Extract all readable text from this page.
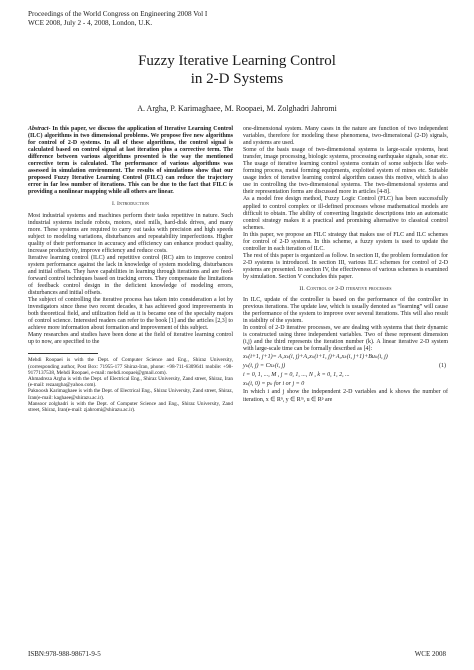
Proceedings of the World Congress on Engineering 2008 Vol I
WCE 2008, July 2 - 4, 2008, London, U.K.
Fuzzy Iterative Learning Control
in 2-D Systems
A. Argha, P. Karimaghaee, M. Roopaei, M. Zolghadri Jahromi

Abstract- In this paper, we discuss the application of Iterative Learning Control (ILC) algorithms in two dimensional problems. We propose five new algorithms for control of 2-D systems. In all of these algorithms, the control signal is calculated based on control signal at last iteration plus a corrective term. The difference between various algorithms presented is the way the mentioned corrective term is calculated. The performance of various algorithms was assessed in simulation environment. The results of simulations show that our proposed Fuzzy Iterative Learning Control (FILC) can reduce the trajectory error in far less number of iterations. This can be due to the fact that FILC is providing a nonlinear mapping while all others are linear.

I. Introduction

Most industrial systems and machines perform their tasks repetitive in nature. Such industrial systems include robots, motors, steel mills, hard-disk drives, and many more. These systems are required to carry out tasks with precision and high speeds subject to modeling variations, disturbances and repeatability imperfections. Higher quality of their performance in accuracy and efficiency can enhance product quality, increase productivity, improve efficiency and reduce costs.

Iterative learning control (ILC) and repetitive control (RC) aim to improve control system performance against the lack in knowledge of system modeling, disturbances and initial offsets. They have capabilities in learning through iterations and are feed-forward control techniques based on tracking errors. They compensate the limitations of feedback control design in the deficient knowledge of modeling errors, disturbances and initial offsets.

The subject of controlling the iterative process has taken into consideration a lot by investigators since these two recent decades, it has achieved good improvements in both theoretical field, and utilization field as it is became one of the specialty majors of control science. Interested readers can refer to the book [1] and the articles [2,3] to achieve more information about formation and improvement of this subject.

Many researches and studies have been done at the field of iterative learning control up to now, are specified to the

Mehdi Roopaei is with the Dept. of Computer Science and Eng., Shiraz University, (corresponding author, Post Box: 71955-177 Shiraz-Iran, phone: +98-711-6309641 mobile: +98-9177137538, Mehdi Roopaei, e-mail: mehdi.roopaei@gmail.com).

Ahmadreza Argha is with the Dept. of Electrical Eng., Shiraz University, Zand street, Shiraz, Iran (e-mail: rezaargha@yahoo.com).

Paknoosh Karimaghaee is with the Dept. of Electrical Eng., Shiraz University, Zand street, Shiraz, Iran(e-mail: kaghaee@shirazu.ac.ir).

Mansoor zolghadri is with the Dept. of Computer Science and Eng., Shiraz University, Zand street, Shiraz, Iran(e-mail: zjahromi@shirazu.ac.ir).

one-dimensional system. Many cases in the nature are function of two independent variables, therefore for modeling these phenomena, two-dimensional (2-D) signals, and systems are used.

Some of the basis usage of two-dimensional systems is large-scale systems, heat transfer, image processing, biologic systems, processing earthquake signals, sonar etc. The usage of iterative learning control systems contain of some subjects like web-forming process, metal forming equipments, exploited system of mines etc. Suitable usage index of iterative learning control algorithm causes this motive, which is also use in controlling the two-dimensional systems. The two-dimensional systems and their representation forms are discussed more in articles [4-8].

As a model free design method, Fuzzy Logic Control (FLC) has been successfully applied to control complex or ill-defined processes whose mathematical models are difficult to obtain. The ability of converting linguistic descriptions into an automatic control strategy makes it a practical and promising alternative to classical control schemes.

In this paper, we propose an FILC strategy that makes use of FLC and ILC schemes for control of 2-D systems. In this scheme, a fuzzy system is used to update the controller in each iteration of ILC.

The rest of this paper is organized as follow. In section II, the problem formulation for 2-D systems is introduced. In section III, various ILC schemes for control of 2-D systems are presented. In section IV, the effectiveness of various schemes is examined by simulation. Section V concludes this paper.

II. Control of 2-D iterative processes

In ILC, update of the controller is based on the performance of the controller in previous iterations. The update law, which is usually denoted as “learning” will cause the performance of the system to improve over several iterations. This will also result in stability of the system.

In control of 2-D iterative processes, we are dealing with systems that their dynamic is constructed using three independent variables. Two of these represent dimension (i,j) and the third represents the iteration number (k). A linear iterative 2-D system with large-scale time can be formally described as [4]:

xₖ(i+1, j+1)= A₁xₖ(i, j)+A₂xₖ(i+1, j)+A₃xₖ(i, j+1)+Buₖ(i, j)
yₖ(i, j) = Cxₖ(i, j)	(1)
i = 0, 1, ..., M , j = 0, 1, ..., N , k = 0, 1, 2, ...
xₖ(i, 0) = pₖ for i or j = 0

In which i and j show the independent 2-D variables and k shows the number of iteration, x ∈ Rⁿ, y ∈ Rᵐ, u ∈ Rᵖ are

ISBN:978-988-98671-9-5	WCE 2008
